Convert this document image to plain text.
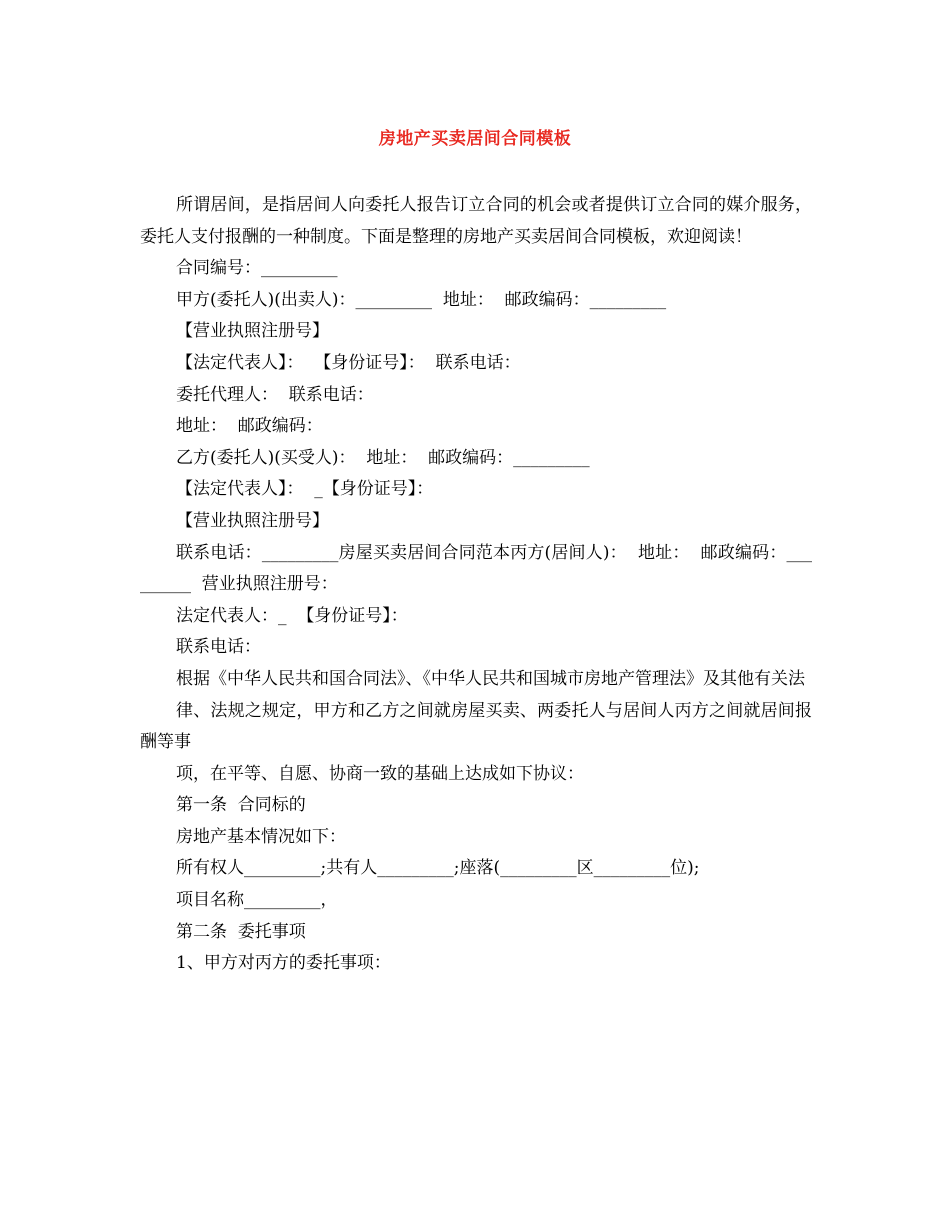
房地产买卖居间合同模板

所谓居间，是指居间人向委托人报告订立合同的机会或者提供订立合同的媒介服务，委托人支付报酬的一种制度。下面是整理的房地产买卖居间合同模板，欢迎阅读！

合同编号：_________

甲方(委托人)(出卖人)：_________  地址：  邮政编码：_________

【营业执照注册号】

【法定代表人】：  【身份证号】：  联系电话：

委托代理人：  联系电话：

地址：  邮政编码：

乙方(委托人)(买受人)：  地址：  邮政编码：_________

【法定代表人】：  _【身份证号】：

【营业执照注册号】

联系电话：_________房屋买卖居间合同范本丙方(居间人)：  地址：  邮政编码：_________  营业执照注册号：

法定代表人：_  【身份证号】：

联系电话：

根据《中华人民共和国合同法》、《中华人民共和国城市房地产管理法》及其他有关法

律、法规之规定，甲方和乙方之间就房屋买卖、两委托人与居间人丙方之间就居间报酬等事

项，在平等、自愿、协商一致的基础上达成如下协议：

第一条  合同标的

房地产基本情况如下：

所有权人_________;共有人_________;座落(_________区_________位);

项目名称_________，

第二条  委托事项

1、甲方对丙方的委托事项：
